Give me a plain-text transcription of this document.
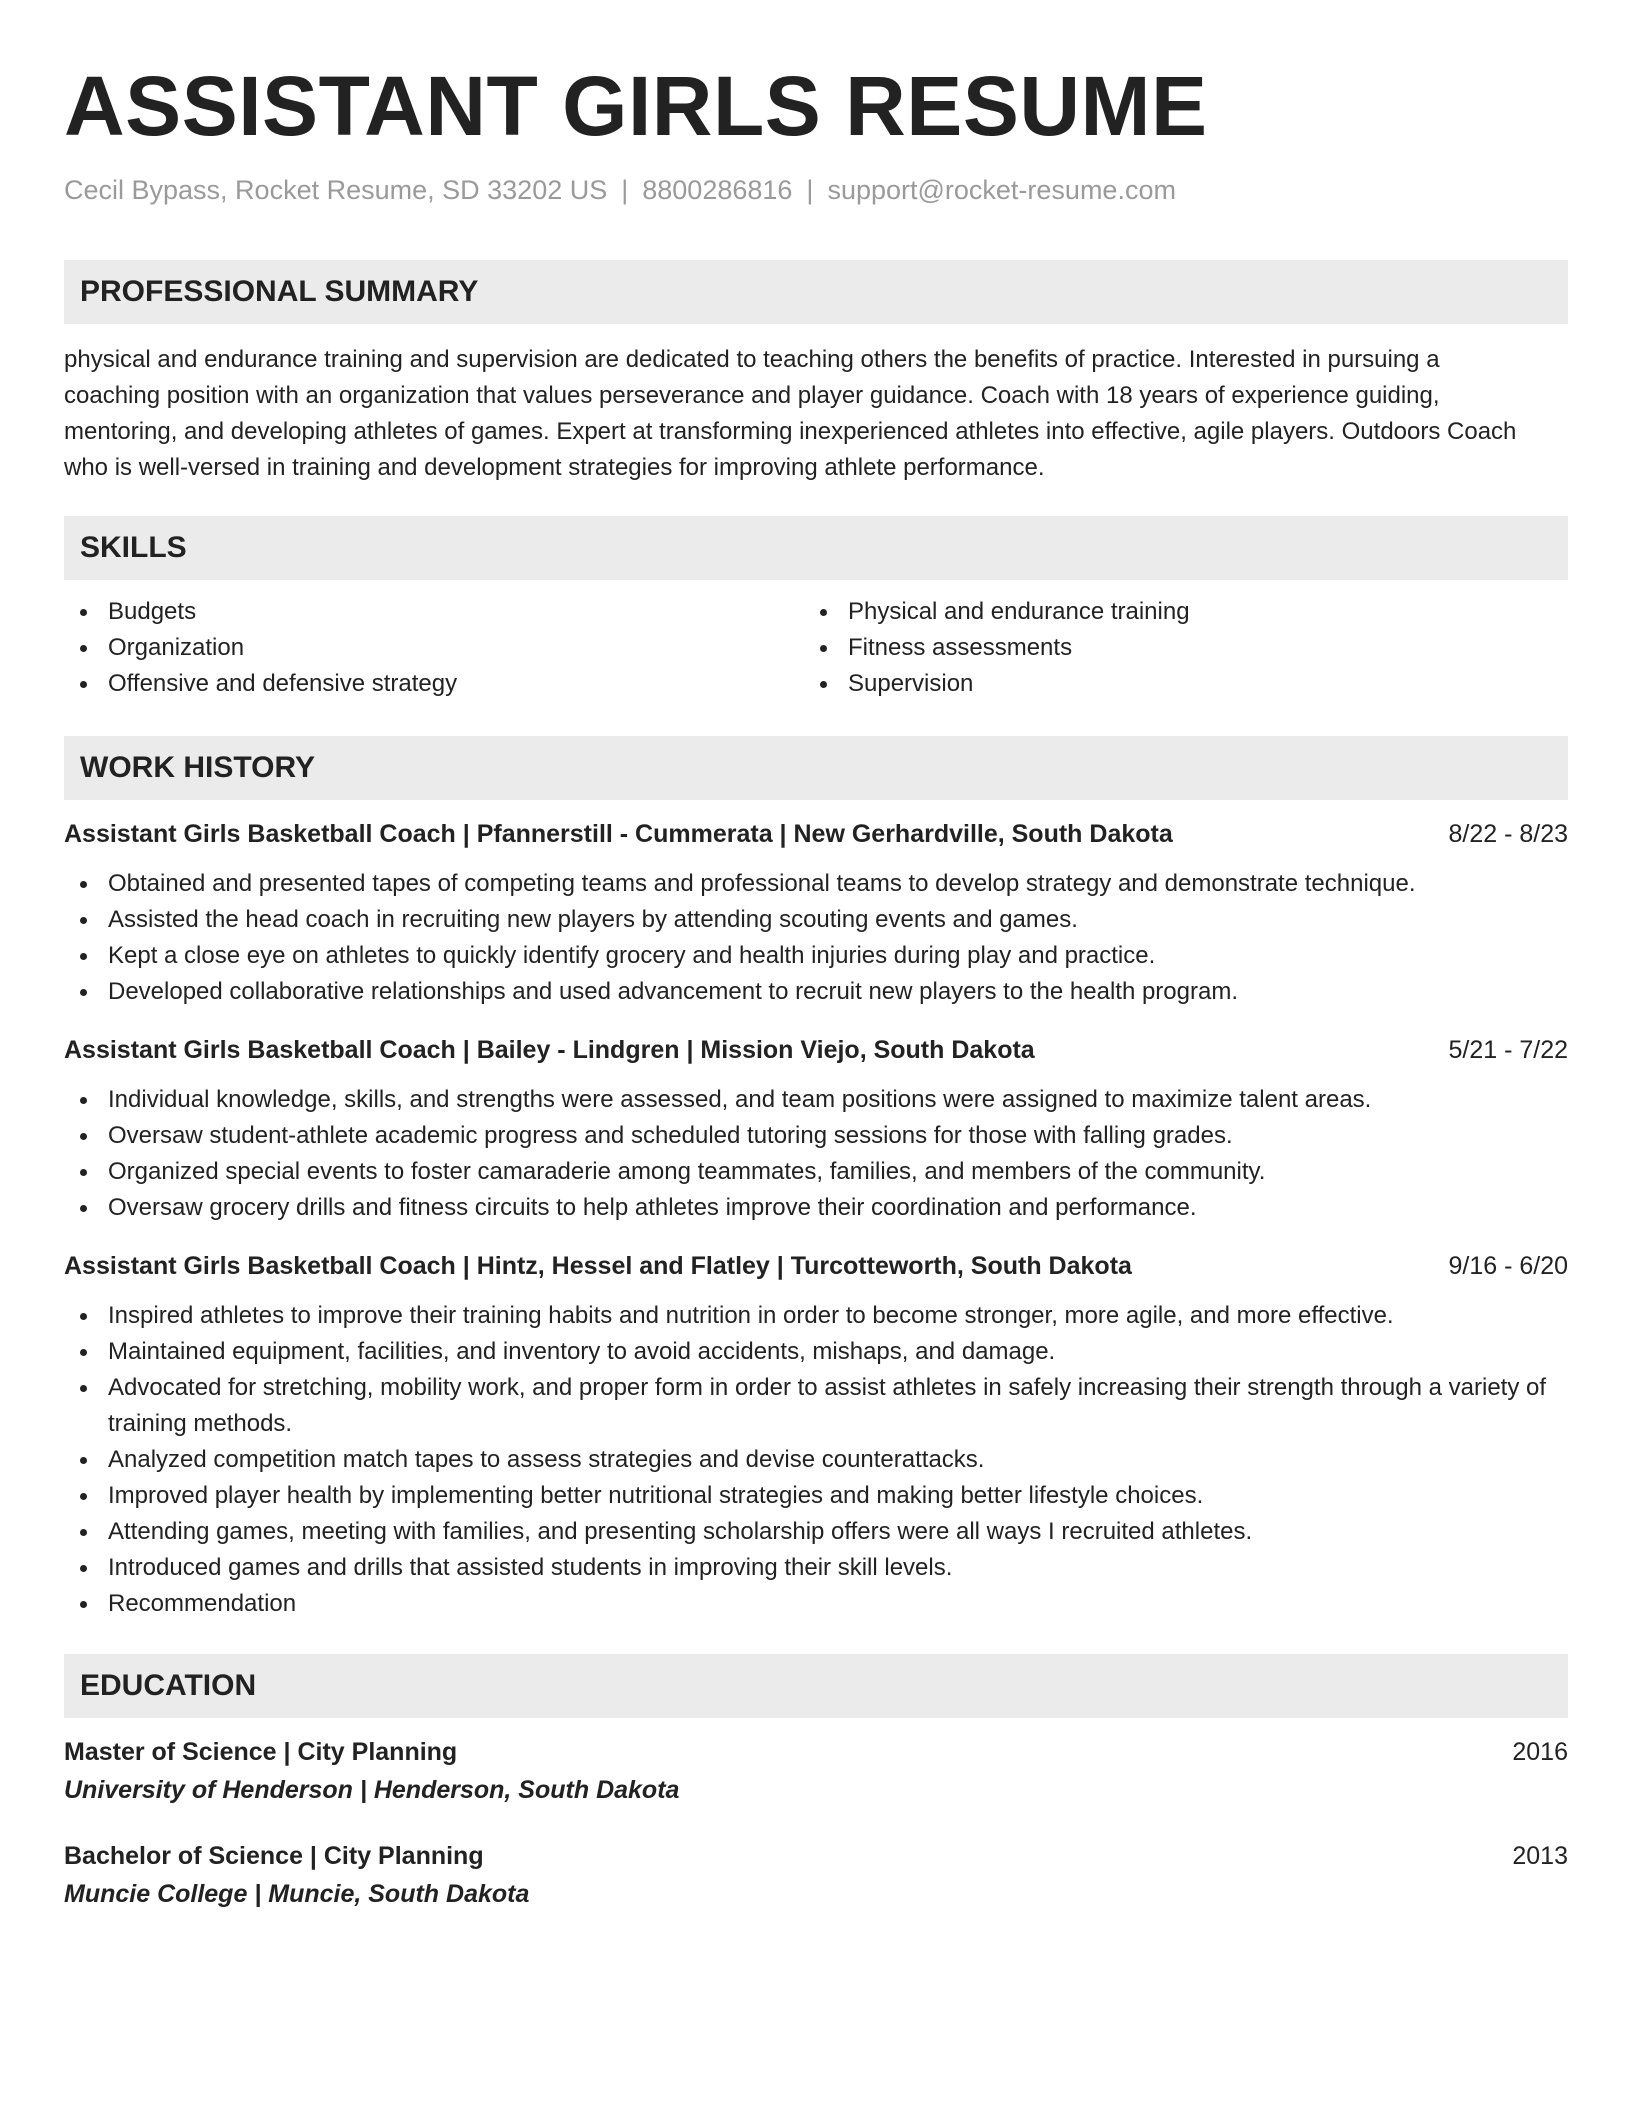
ASSISTANT GIRLS RESUME
Cecil Bypass, Rocket Resume, SD 33202 US | 8800286816 | support@rocket-resume.com
PROFESSIONAL SUMMARY

physical and endurance training and supervision are dedicated to teaching others the benefits of practice. Interested in pursuing a coaching position with an organization that values perseverance and player guidance. Coach with 18 years of experience guiding, mentoring, and developing athletes of games. Expert at transforming inexperienced athletes into effective, agile players. Outdoors Coach who is well-versed in training and development strategies for improving athlete performance.

SKILLS
Budgets
Organization
Offensive and defensive strategy
Physical and endurance training
Fitness assessments
Supervision
WORK HISTORY
Assistant Girls Basketball Coach | Pfannerstill - Cummerata | New Gerhardville, South Dakota	8/22 - 8/23
Obtained and presented tapes of competing teams and professional teams to develop strategy and demonstrate technique.
Assisted the head coach in recruiting new players by attending scouting events and games.
Kept a close eye on athletes to quickly identify grocery and health injuries during play and practice.
Developed collaborative relationships and used advancement to recruit new players to the health program.
Assistant Girls Basketball Coach | Bailey - Lindgren | Mission Viejo, South Dakota	5/21 - 7/22
Individual knowledge, skills, and strengths were assessed, and team positions were assigned to maximize talent areas.
Oversaw student-athlete academic progress and scheduled tutoring sessions for those with falling grades.
Organized special events to foster camaraderie among teammates, families, and members of the community.
Oversaw grocery drills and fitness circuits to help athletes improve their coordination and performance.
Assistant Girls Basketball Coach | Hintz, Hessel and Flatley | Turcotteworth, South Dakota	9/16 - 6/20
Inspired athletes to improve their training habits and nutrition in order to become stronger, more agile, and more effective.
Maintained equipment, facilities, and inventory to avoid accidents, mishaps, and damage.
Advocated for stretching, mobility work, and proper form in order to assist athletes in safely increasing their strength through a variety of training methods.
Analyzed competition match tapes to assess strategies and devise counterattacks.
Improved player health by implementing better nutritional strategies and making better lifestyle choices.
Attending games, meeting with families, and presenting scholarship offers were all ways I recruited athletes.
Introduced games and drills that assisted students in improving their skill levels.
Recommendation
EDUCATION
Master of Science | City Planning	2016
University of Henderson | Henderson, South Dakota
Bachelor of Science | City Planning	2013
Muncie College | Muncie, South Dakota
